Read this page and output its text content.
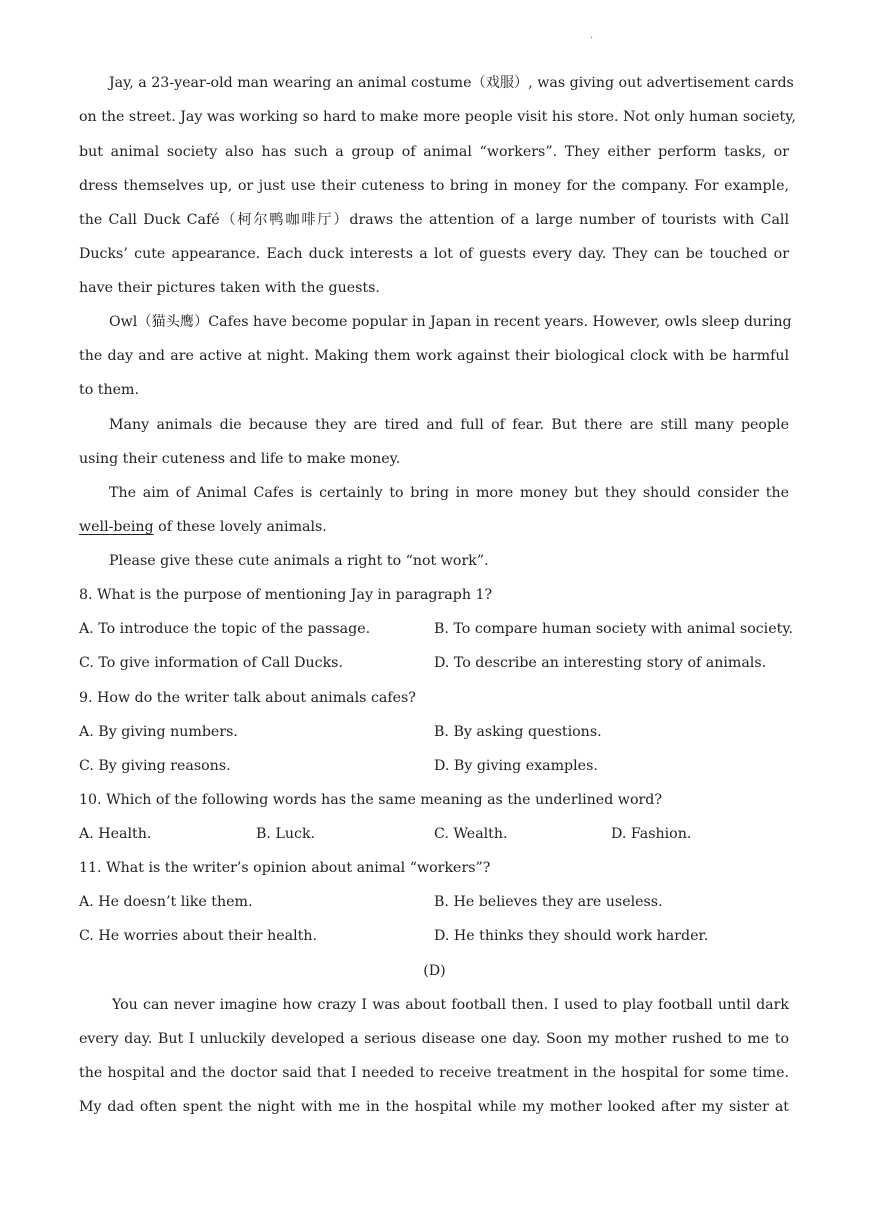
.
Jay, a 23-year-old man wearing an animal costume（戏服）, was giving out advertisement cards
on the street. Jay was working so hard to make more people visit his store. Not only human society,
but animal society also has such a group of animal “workers”. They either perform tasks, or
dress themselves up, or just use their cuteness to bring in money for the company. For example,
the Call Duck Café（柯尔鸭咖啡厅）draws the attention of a large number of tourists with Call
Ducks’ cute appearance. Each duck interests a lot of guests every day. They can be touched or
have their pictures taken with the guests.
Owl（猫头鹰）Cafes have become popular in Japan in recent years. However, owls sleep during
the day and are active at night. Making them work against their biological clock with be harmful
to them.
Many animals die because they are tired and full of fear. But there are still many people
using their cuteness and life to make money.
The aim of Animal Cafes is certainly to bring in more money but they should consider the
well-being of these lovely animals.
Please give these cute animals a right to “not work”.
8. What is the purpose of mentioning Jay in paragraph 1?
A. To introduce the topic of the passage.	B. To compare human society with animal society.
C. To give information of Call Ducks.	D. To describe an interesting story of animals.
9. How do the writer talk about animals cafes?
A. By giving numbers.	B. By asking questions.
C. By giving reasons.	D. By giving examples.
10. Which of the following words has the same meaning as the underlined word?
A. Health.	B. Luck.	C. Wealth.	D. Fashion.
11. What is the writer’s opinion about animal “workers”?
A. He doesn’t like them.	B. He believes they are useless.
C. He worries about their health.	D. He thinks they should work harder.
(D)
You can never imagine how crazy I was about football then. I used to play football until dark
every day. But I unluckily developed a serious disease one day. Soon my mother rushed to me to
the hospital and the doctor said that I needed to receive treatment in the hospital for some time.
My dad often spent the night with me in the hospital while my mother looked after my sister at
